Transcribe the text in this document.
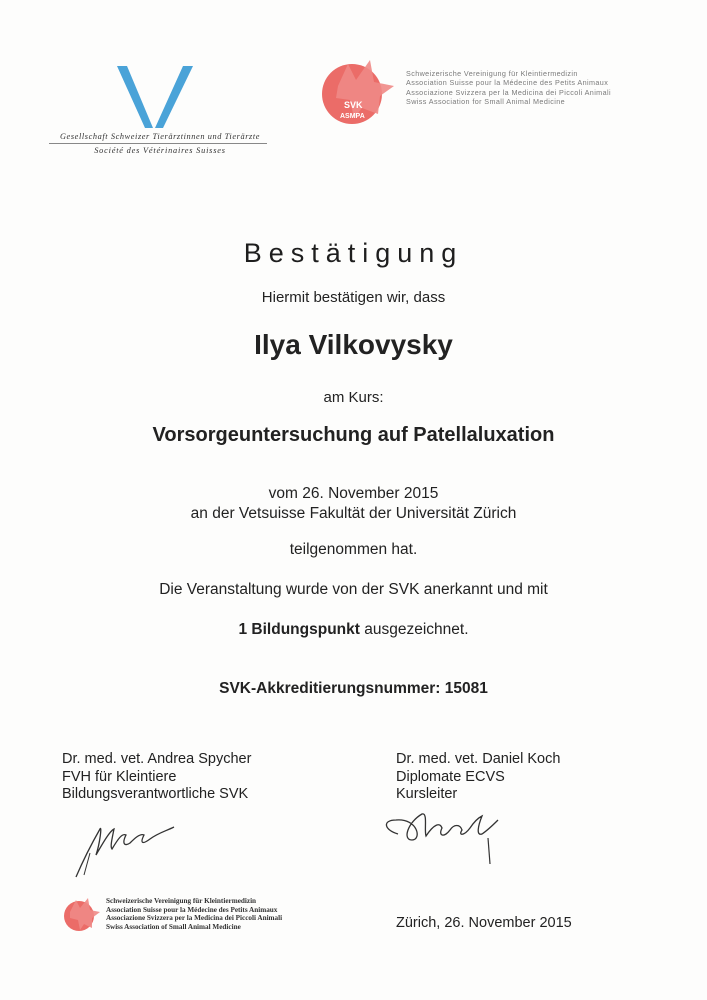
Gesellschaft Schweizer Tierärztinnen und Tierärzte
Société des Vétérinaires Suisses
SVK
ASMPA
Schweizerische Vereinigung für Kleintiermedizin
Association Suisse pour la Médecine des Petits Animaux
Associazione Svizzera per la Medicina dei Piccoli Animali
Swiss Association for Small Animal Medicine
Bestätigung
Hiermit bestätigen wir, dass
Ilya Vilkovysky
am Kurs:
Vorsorgeuntersuchung auf Patellaluxation
vom 26. November 2015
an der Vetsuisse Fakultät der Universität Zürich
teilgenommen hat.
Die Veranstaltung wurde von der SVK anerkannt und mit
1 Bildungspunkt ausgezeichnet.
SVK-Akkreditierungsnummer: 15081
Dr. med. vet. Andrea Spycher
FVH für Kleintiere
Bildungsverantwortliche SVK
Dr. med. vet. Daniel Koch
Diplomate ECVS
Kursleiter
Schweizerische Vereinigung für Kleintiermedizin
Association Suisse pour la Médecine des Petits Animaux
Associazione Svizzera per la Medicina dei Piccoli Animali
Swiss Association of Small Animal Medicine	Zürich, 26. November 2015
